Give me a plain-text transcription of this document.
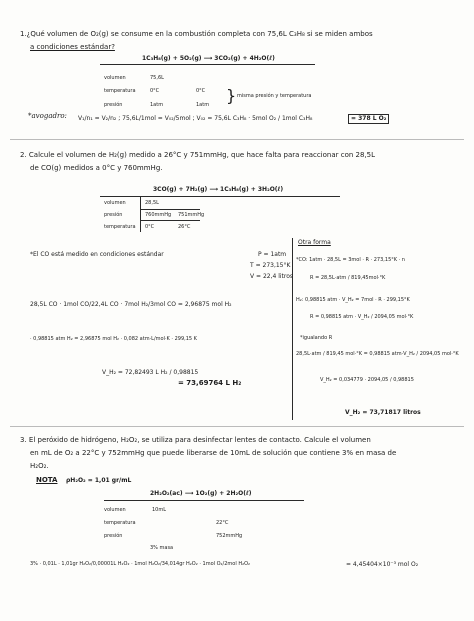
1.¿Qué volumen de O₂(g) se consume en la combustión completa con 75,6L C₃H₈ si se miden ambos
a condiciones estándar?
1C₃H₈(g) + 5O₂(g) ⟶ 3CO₂(g) + 4H₂O(ℓ)
volumen	75,6L
temperatura	0°C	0°C
presión	1atm	1atm } misma presión y temperatura
*avogadro: V₁/n₁ = V₂/n₂ ; 75,6L/1mol = V₀₂/5mol ; V₀₂ = 75,6L C₃H₈ · 5mol O₂ / 1mol C₃H₈	= 378 L O₂
2. Calcule el volumen de H₂(g) medido a 26°C y 751mmHg, que hace falta para reaccionar con 28,5L
de CO(g) medidos a 0°C y 760mmHg.
3CO(g) + 7H₂(g) ⟶ 1C₃H₈(g) + 3H₂O(ℓ)
volumen	28,5L
presión	760mmHg 751mmHg
temperatura 0°C	26°C
*El CO está medido en condiciones estándar	P = 1atm
T = 273,15°K
V = 22,4 litros
28,5L CO · 1mol CO/22,4L CO · 7mol H₂/3mol CO = 2,96875 mol H₂
· 0,98815 atm H₂ = 2,96875 mol H₂ · 0,082 atm·L/mol·K · 299,15 K
V_H₂ = 72,82493 L H₂ / 0,98815
= 73,69764 L H₂
Otra forma
*CO: 1atm · 28,5L = 3mol · R · 273,15°K · n
R = 28,5L·atm / 819,45mol·°K
H₂: 0,98815 atm · V_H₂ = 7mol · R · 299,15°K
R = 0,98815 atm · V_H₂ / 2094,05 mol·°K
*igualando R
28,5L·atm / 819,45 mol·°K = 0,98815 atm·V_H₂ / 2094,05 mol·°K
V_H₂ = 0,034779 · 2094,05 / 0,98815
V_H₂ = 73,71817 litros
3. El peróxido de hidrógeno, H₂O₂, se utiliza para desinfectar lentes de contacto. Calcule el volumen
en mL de O₂ a 22°C y 752mmHg que puede liberarse de 10mL de solución que contiene 3% en masa de
H₂O₂.
NOTA ρH₂O₂ = 1,01 gr/mL
2H₂O₂(ac) ⟶ 1O₂(g) + 2H₂O(ℓ)
volumen	10mL
temperatura	22°C
presión	752mmHg
3% masa
3% · 0,01L · 1,01gr H₂O₂/0,00001L H₂O₂ · 1mol H₂O₂/34,014gr H₂O₂ · 1mol O₂/2mol H₂O₂	= 4,45404×10⁻³ mol O₂
